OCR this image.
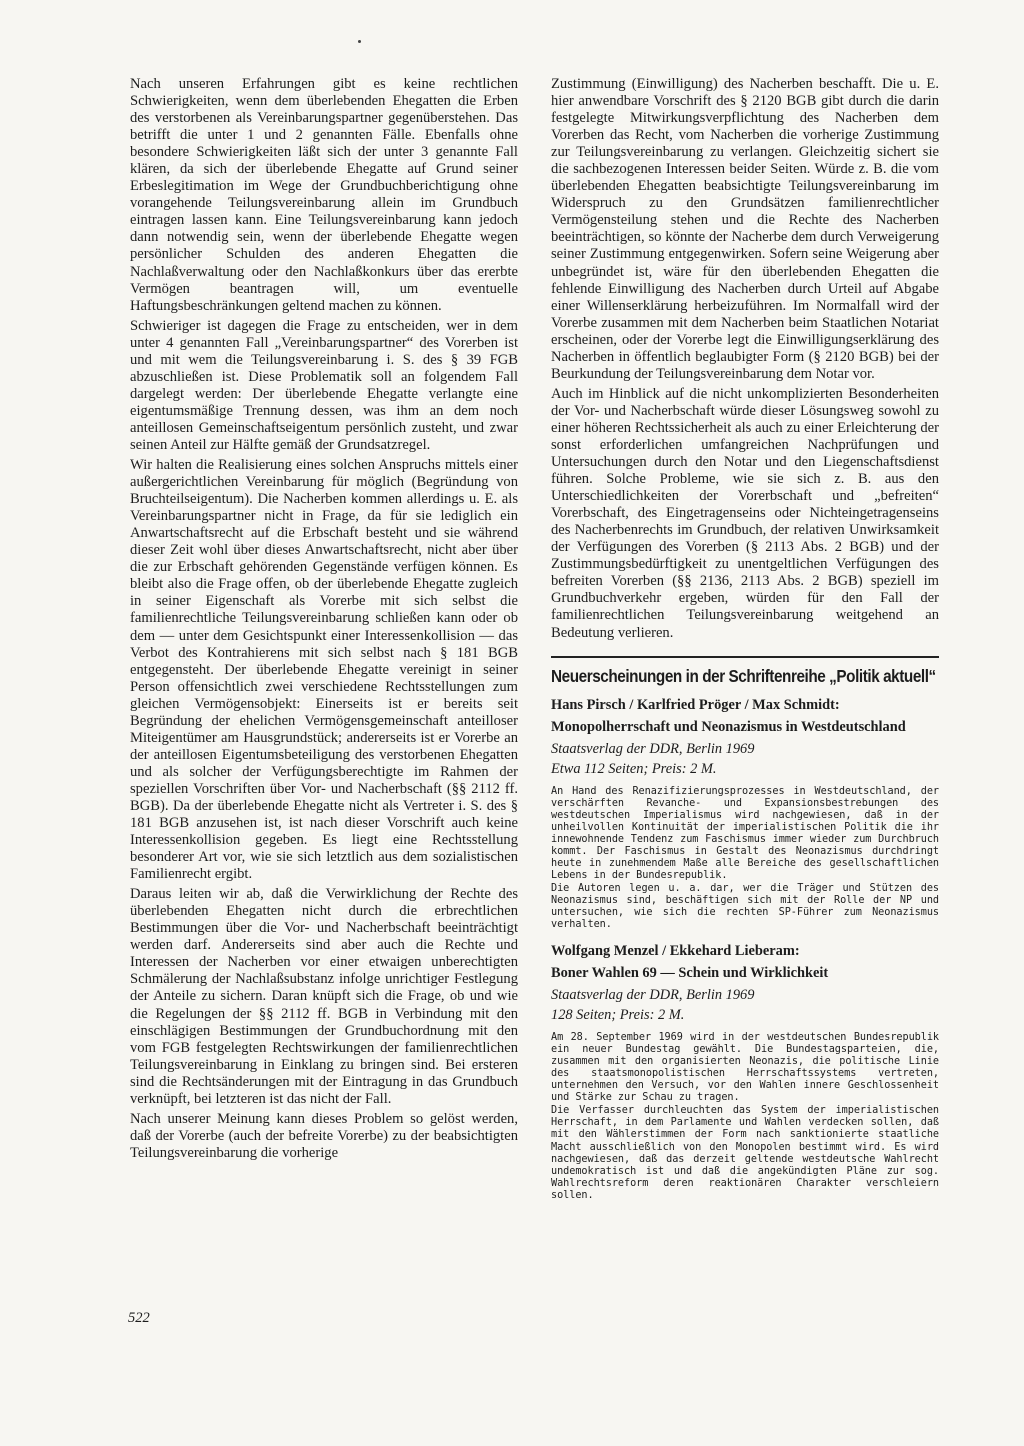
Nach unseren Erfahrungen gibt es keine rechtlichen Schwierigkeiten, wenn dem überlebenden Ehegatten die Erben des verstorbenen als Vereinbarungspartner gegenüberstehen. Das betrifft die unter 1 und 2 genannten Fälle. Ebenfalls ohne besondere Schwierigkeiten läßt sich der unter 3 genannte Fall klären, da sich der überlebende Ehegatte auf Grund seiner Erbeslegitimation im Wege der Grundbuchberichtigung ohne vorangehende Teilungsvereinbarung allein im Grundbuch eintragen lassen kann. Eine Teilungsvereinbarung kann jedoch dann notwendig sein, wenn der überlebende Ehegatte wegen persönlicher Schulden des anderen Ehegatten die Nachlaßverwaltung oder den Nachlaßkonkurs über das ererbte Vermögen beantragen will, um eventuelle Haftungsbeschränkungen geltend machen zu können.

Schwieriger ist dagegen die Frage zu entscheiden, wer in dem unter 4 genannten Fall „Vereinbarungspartner“ des Vorerben ist und mit wem die Teilungsvereinbarung i. S. des § 39 FGB abzuschließen ist. Diese Problematik soll an folgendem Fall dargelegt werden: Der überlebende Ehegatte verlangte eine eigentumsmäßige Trennung dessen, was ihm an dem noch anteillosen Gemeinschaftseigentum persönlich zusteht, und zwar seinen Anteil zur Hälfte gemäß der Grundsatzregel.

Wir halten die Realisierung eines solchen Anspruchs mittels einer außergerichtlichen Vereinbarung für möglich (Begründung von Bruchteilseigentum). Die Nacherben kommen allerdings u. E. als Vereinbarungspartner nicht in Frage, da für sie lediglich ein Anwartschaftsrecht auf die Erbschaft besteht und sie während dieser Zeit wohl über dieses Anwartschaftsrecht, nicht aber über die zur Erbschaft gehörenden Gegenstände verfügen können. Es bleibt also die Frage offen, ob der überlebende Ehegatte zugleich in seiner Eigenschaft als Vorerbe mit sich selbst die familienrechtliche Teilungsvereinbarung schließen kann oder ob dem — unter dem Gesichtspunkt einer Interessenkollision — das Verbot des Kontrahierens mit sich selbst nach § 181 BGB entgegensteht. Der überlebende Ehegatte vereinigt in seiner Person offensichtlich zwei verschiedene Rechtsstellungen zum gleichen Vermögensobjekt: Einerseits ist er bereits seit Begründung der ehelichen Vermögensgemeinschaft anteilloser Miteigentümer am Hausgrundstück; andererseits ist er Vorerbe an der anteillosen Eigentumsbeteiligung des verstorbenen Ehegatten und als solcher der Verfügungsberechtigte im Rahmen der speziellen Vorschriften über Vor- und Nacherbschaft (§§ 2112 ff. BGB). Da der überlebende Ehegatte nicht als Vertreter i. S. des § 181 BGB anzusehen ist, ist nach dieser Vorschrift auch keine Interessenkollision gegeben. Es liegt eine Rechtsstellung besonderer Art vor, wie sie sich letztlich aus dem sozialistischen Familienrecht ergibt.

Daraus leiten wir ab, daß die Verwirklichung der Rechte des überlebenden Ehegatten nicht durch die erbrechtlichen Bestimmungen über die Vor- und Nacherbschaft beeinträchtigt werden darf. Andererseits sind aber auch die Rechte und Interessen der Nacherben vor einer etwaigen unberechtigten Schmälerung der Nachlaßsubstanz infolge unrichtiger Festlegung der Anteile zu sichern. Daran knüpft sich die Frage, ob und wie die Regelungen der §§ 2112 ff. BGB in Verbindung mit den einschlägigen Bestimmungen der Grundbuchordnung mit den vom FGB festgelegten Rechtswirkungen der familienrechtlichen Teilungsvereinbarung in Einklang zu bringen sind. Bei ersteren sind die Rechtsänderungen mit der Eintragung in das Grundbuch verknüpft, bei letzteren ist das nicht der Fall.

Nach unserer Meinung kann dieses Problem so gelöst werden, daß der Vorerbe (auch der befreite Vorerbe) zu der beabsichtigten Teilungsvereinbarung die vorherige

Zustimmung (Einwilligung) des Nacherben beschafft. Die u. E. hier anwendbare Vorschrift des § 2120 BGB gibt durch die darin festgelegte Mitwirkungsverpflichtung des Nacherben dem Vorerben das Recht, vom Nacherben die vorherige Zustimmung zur Teilungsvereinbarung zu verlangen. Gleichzeitig sichert sie die sachbezogenen Interessen beider Seiten. Würde z. B. die vom überlebenden Ehegatten beabsichtigte Teilungsvereinbarung im Widerspruch zu den Grundsätzen familienrechtlicher Vermögensteilung stehen und die Rechte des Nacherben beeinträchtigen, so könnte der Nacherbe dem durch Verweigerung seiner Zustimmung entgegenwirken. Sofern seine Weigerung aber unbegründet ist, wäre für den überlebenden Ehegatten die fehlende Einwilligung des Nacherben durch Urteil auf Abgabe einer Willenserklärung herbeizuführen. Im Normalfall wird der Vorerbe zusammen mit dem Nacherben beim Staatlichen Notariat erscheinen, oder der Vorerbe legt die Einwilligungserklärung des Nacherben in öffentlich beglaubigter Form (§ 2120 BGB) bei der Beurkundung der Teilungsvereinbarung dem Notar vor.

Auch im Hinblick auf die nicht unkomplizierten Besonderheiten der Vor- und Nacherbschaft würde dieser Lösungsweg sowohl zu einer höheren Rechtssicherheit als auch zu einer Erleichterung der sonst erforderlichen umfangreichen Nachprüfungen und Untersuchungen durch den Notar und den Liegenschaftsdienst führen. Solche Probleme, wie sie sich z. B. aus den Unterschiedlichkeiten der Vorerbschaft und „befreiten“ Vorerbschaft, des Eingetragenseins oder Nichteingetragenseins des Nacherbenrechts im Grundbuch, der relativen Unwirksamkeit der Verfügungen des Vorerben (§ 2113 Abs. 2 BGB) und der Zustimmungsbedürftigkeit zu unentgeltlichen Verfügungen des befreiten Vorerben (§§ 2136, 2113 Abs. 2 BGB) speziell im Grundbuchverkehr ergeben, würden für den Fall der familienrechtlichen Teilungsvereinbarung weitgehend an Bedeutung verlieren.

Neuerscheinungen in der Schriftenreihe „Politik aktuell“
Hans Pirsch / Karlfried Pröger / Max Schmidt:
Monopolherrschaft und Neonazismus in Westdeutschland
Staatsverlag der DDR, Berlin 1969
Etwa 112 Seiten; Preis: 2 M.

An Hand des Renazifizierungsprozesses in Westdeutschland, der verschärften Revanche- und Expansionsbestrebungen des westdeutschen Imperialismus wird nachgewiesen, daß in der unheilvollen Kontinuität der imperialistischen Politik die ihr innewohnende Tendenz zum Faschismus immer wieder zum Durchbruch kommt. Der Faschismus in Gestalt des Neonazismus durchdringt heute in zunehmendem Maße alle Bereiche des gesellschaftlichen Lebens in der Bundesrepublik.

Die Autoren legen u. a. dar, wer die Träger und Stützen des Neonazismus sind, beschäftigen sich mit der Rolle der NP und untersuchen, wie sich die rechten SP-Führer zum Neonazismus verhalten.

Wolfgang Menzel / Ekkehard Lieberam:
Boner Wahlen 69 — Schein und Wirklichkeit
Staatsverlag der DDR, Berlin 1969
128 Seiten; Preis: 2 M.

Am 28. September 1969 wird in der westdeutschen Bundesrepublik ein neuer Bundestag gewählt. Die Bundestagsparteien, die, zusammen mit den organisierten Neonazis, die politische Linie des staatsmonopolistischen Herrschaftssystems vertreten, unternehmen den Versuch, vor den Wahlen innere Geschlossenheit und Stärke zur Schau zu tragen.

Die Verfasser durchleuchten das System der imperialistischen Herrschaft, in dem Parlamente und Wahlen verdecken sollen, daß mit den Wählerstimmen der Form nach sanktionierte staatliche Macht ausschließlich von den Monopolen bestimmt wird. Es wird nachgewiesen, daß das derzeit geltende westdeutsche Wahlrecht undemokratisch ist und daß die angekündigten Pläne zur sog. Wahlrechtsreform deren reaktionären Charakter verschleiern sollen.

522
